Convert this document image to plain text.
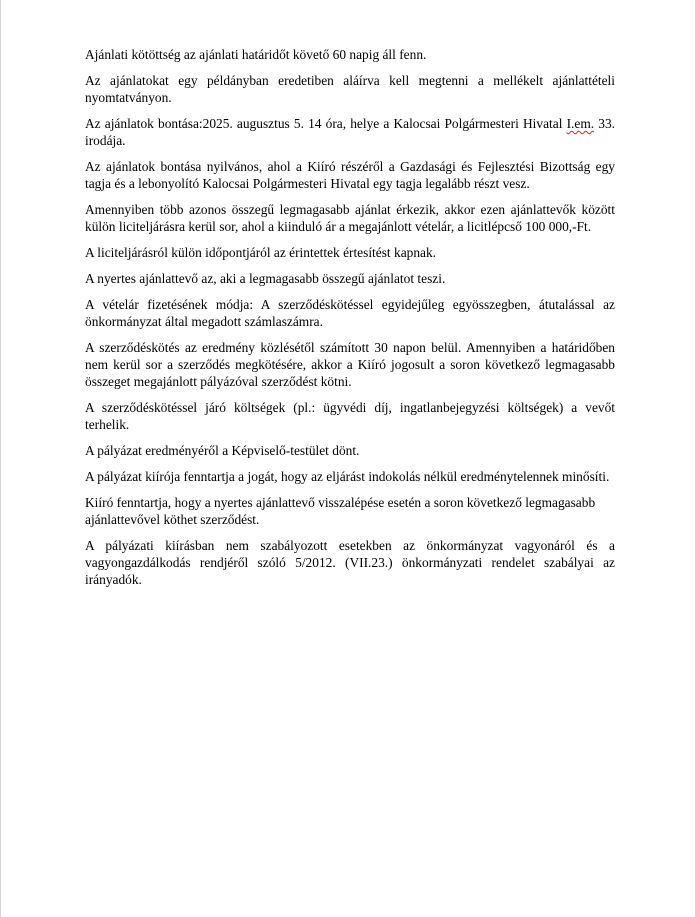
Ajánlati kötöttség az ajánlati határidőt követő 60 napig áll fenn.

Az ajánlatokat egy példányban eredetiben aláírva kell megtenni a mellékelt ajánlattételi nyomtatványon.

Az ajánlatok bontása:2025. augusztus 5. 14 óra, helye a Kalocsai Polgármesteri Hivatal I.em. 33. irodája.

Az ajánlatok bontása nyilvános, ahol a Kiíró részéről a Gazdasági és Fejlesztési Bizottság egy tagja és a lebonyolító Kalocsai Polgármesteri Hivatal egy tagja legalább részt vesz.

Amennyiben több azonos összegű legmagasabb ajánlat érkezik, akkor ezen ajánlattevők között külön liciteljárásra kerül sor, ahol a kiinduló ár a megajánlott vételár, a licitlépcső 100 000,-Ft.

A liciteljárásról külön időpontjáról az érintettek értesítést kapnak.

A nyertes ajánlattevő az, aki a legmagasabb összegű ajánlatot teszi.

A vételár fizetésének módja: A szerződéskötéssel egyidejűleg egyösszegben, átutalással az önkormányzat által megadott számlaszámra.

A szerződéskötés az eredmény közlésétől számított 30 napon belül. Amennyiben a határidőben nem kerül sor a szerződés megkötésére, akkor a Kiíró jogosult a soron következő legmagasabb összeget megajánlott pályázóval szerződést kötni.

A szerződéskötéssel járó költségek (pl.: ügyvédi díj, ingatlanbejegyzési költségek) a vevőt terhelik.

A pályázat eredményéről a Képviselő-testület dönt.

A pályázat kiírója fenntartja a jogát, hogy az eljárást indokolás nélkül eredménytelennek minősíti.

Kiíró fenntartja, hogy a nyertes ajánlattevő visszalépése esetén a soron következő legmagasabb ajánlattevővel köthet szerződést.

A pályázati kiírásban nem szabályozott esetekben az önkormányzat vagyonáról és a vagyongazdálkodás rendjéről szóló 5/2012. (VII.23.) önkormányzati rendelet szabályai az irányadók.
